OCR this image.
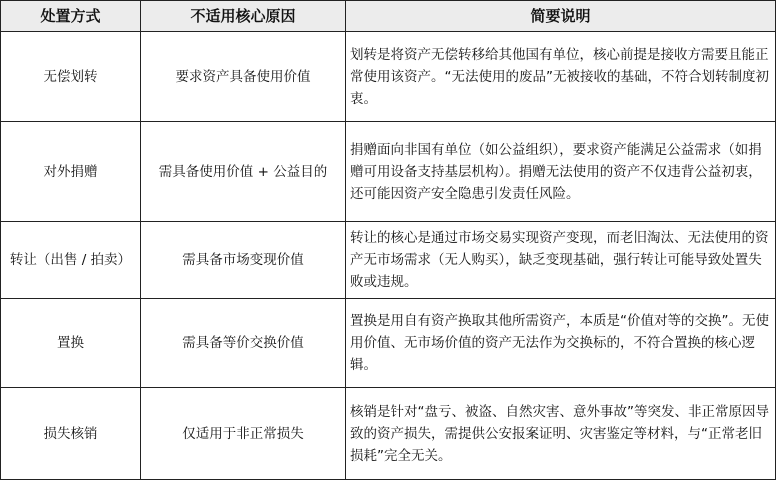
处置方式	不适用核心原因	简要说明
无偿划转	要求资产具备使用价值	划转是将资产无偿转移给其他国有单位，核心前提是接收方需要且能正常使用该资产。“无法使用的废品”无被接收的基础，不符合划转制度初衷。
对外捐赠	需具备使用价值 + 公益目的	捐赠面向非国有单位（如公益组织），要求资产能满足公益需求（如捐赠可用设备支持基层机构）。捐赠无法使用的资产不仅违背公益初衷，还可能因资产安全隐患引发责任风险。
转让（出售 / 拍卖）	需具备市场变现价值	转让的核心是通过市场交易实现资产变现，而老旧淘汰、无法使用的资产无市场需求（无人购买），缺乏变现基础，强行转让可能导致处置失败或违规。
置换	需具备等价交换价值	置换是用自有资产换取其他所需资产，本质是“价值对等的交换”。无使用价值、无市场价值的资产无法作为交换标的，不符合置换的核心逻辑。
损失核销	仅适用于非正常损失	核销是针对“盘亏、被盗、自然灾害、意外事故”等突发、非正常原因导致的资产损失，需提供公安报案证明、灾害鉴定等材料，与“正常老旧损耗”完全无关。
